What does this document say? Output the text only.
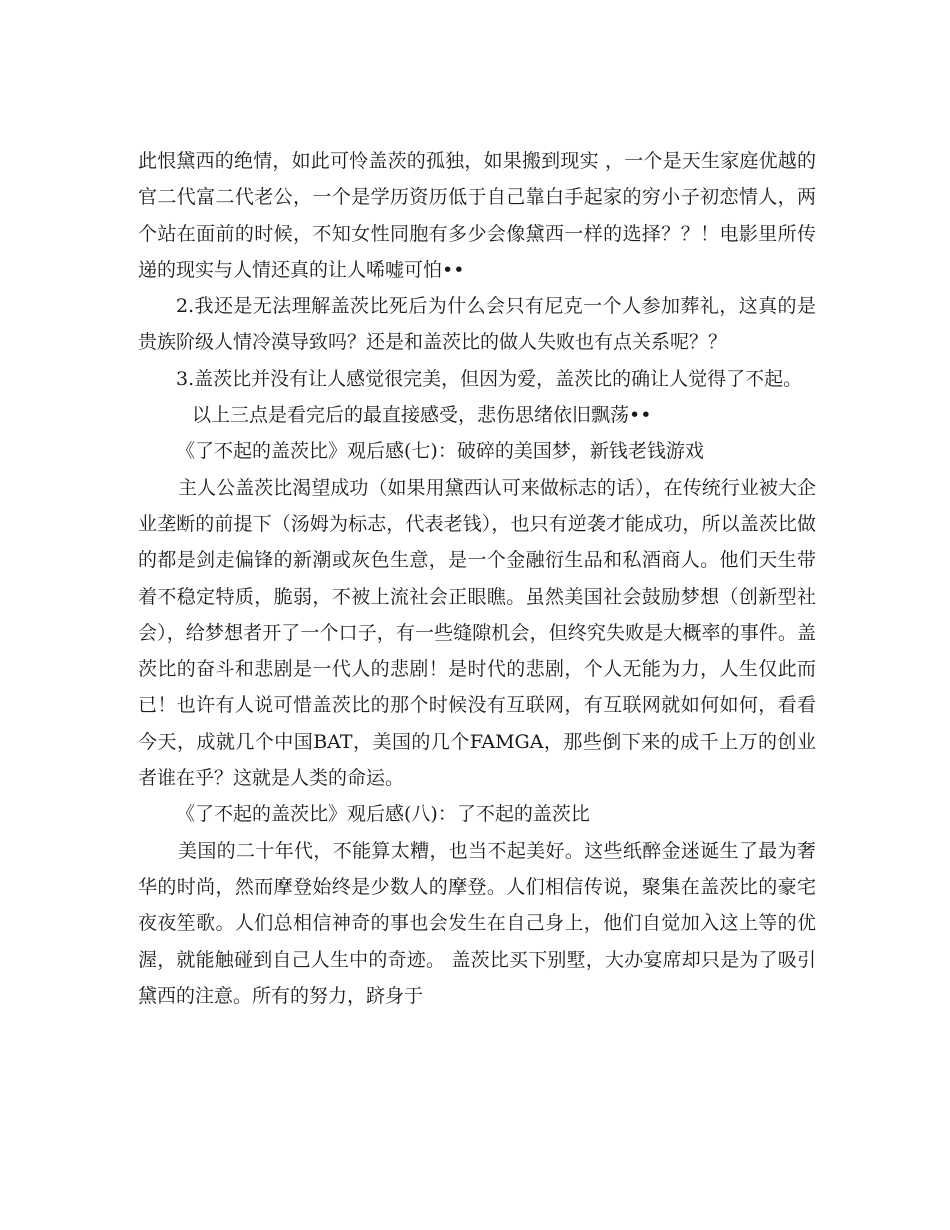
此恨黛西的绝情，如此可怜盖茨的孤独，如果搬到现实 ，一个是天生家庭优越的官二代富二代老公，一个是学历资历低于自己靠白手起家的穷小子初恋情人，两个站在面前的时候，不知女性同胞有多少会像黛西一样的选择？？！电影里所传递的现实与人情还真的让人唏嘘可怕••

2.我还是无法理解盖茨比死后为什么会只有尼克一个人参加葬礼，这真的是贵族阶级人情冷漠导致吗？还是和盖茨比的做人失败也有点关系呢？？

3.盖茨比并没有让人感觉很完美，但因为爱，盖茨比的确让人觉得了不起。

以上三点是看完后的最直接感受，悲伤思绪依旧飘荡••

《了不起的盖茨比》观后感(七)：破碎的美国梦，新钱老钱游戏

主人公盖茨比渴望成功（如果用黛西认可来做标志的话），在传统行业被大企业垄断的前提下（汤姆为标志，代表老钱），也只有逆袭才能成功，所以盖茨比做的都是剑走偏锋的新潮或灰色生意，是一个金融衍生品和私酒商人。他们天生带着不稳定特质，脆弱，不被上流社会正眼瞧。虽然美国社会鼓励梦想（创新型社会），给梦想者开了一个口子，有一些缝隙机会，但终究失败是大概率的事件。盖茨比的奋斗和悲剧是一代人的悲剧！是时代的悲剧，个人无能为力，人生仅此而已！也许有人说可惜盖茨比的那个时候没有互联网，有互联网就如何如何，看看今天，成就几个中国BAT，美国的几个FAMGA，那些倒下来的成千上万的创业者谁在乎？这就是人类的命运。

《了不起的盖茨比》观后感(八)：了不起的盖茨比

美国的二十年代，不能算太糟，也当不起美好。这些纸醉金迷诞生了最为奢华的时尚，然而摩登始终是少数人的摩登。人们相信传说，聚集在盖茨比的豪宅夜夜笙歌。人们总相信神奇的事也会发生在自己身上，他们自觉加入这上等的优渥，就能触碰到自己人生中的奇迹。 盖茨比买下别墅，大办宴席却只是为了吸引黛西的注意。所有的努力，跻身于
